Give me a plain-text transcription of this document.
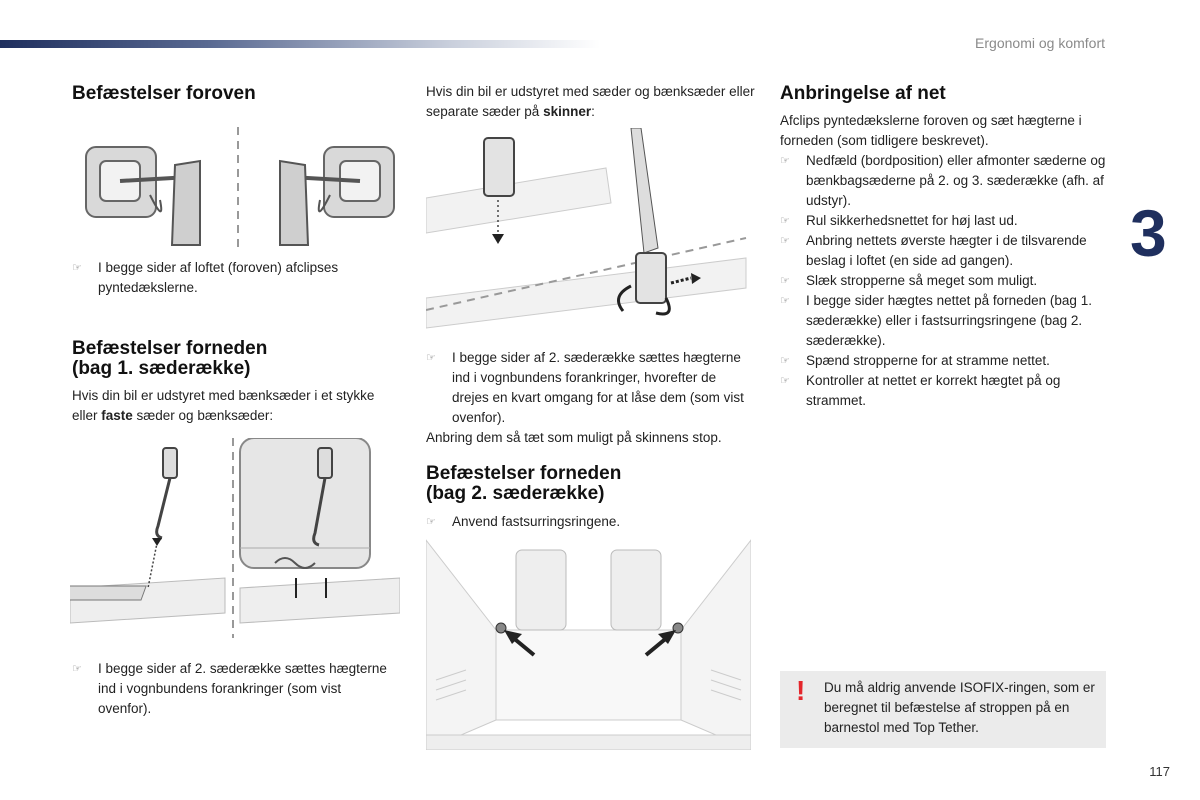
Ergonomi og komfort
3
117
Befæstelser foroven
☞	I begge sider af loftet (foroven) afclipses pyntedækslerne.
Befæstelser forneden
(bag 1. sæderække)

Hvis din bil er udstyret med bænksæder i et stykke eller faste sæder og bænksæder:

☞	I begge sider af 2. sæderække sættes hægterne ind i vognbundens forankringer (som vist ovenfor).

Hvis din bil er udstyret med sæder og bænksæder eller separate sæder på skinner:

☞	I begge sider af 2. sæderække sættes hægterne ind i vognbundens forankringer, hvorefter de drejes en kvart omgang for at låse dem (som vist ovenfor).

Anbring dem så tæt som muligt på skinnens stop.

Befæstelser forneden
(bag 2. sæderække)
☞	Anvend fastsurringsringene.
Anbringelse af net

Afclips pyntedækslerne foroven og sæt hægterne i forneden (som tidligere beskrevet).

☞	Nedfæld (bordposition) eller afmonter sæderne og bænkbagsæderne på 2. og 3. sæderække (afh. af udstyr).
☞	Rul sikkerhedsnettet for høj last ud.
☞	Anbring nettets øverste hægter i de tilsvarende beslag i loftet (en side ad gangen).
☞	Slæk stropperne så meget som muligt.
☞	I begge sider hægtes nettet på forneden (bag 1. sæderække) eller i fastsurringsringene (bag 2. sæderække).
☞	Spænd stropperne for at stramme nettet.
☞	Kontroller at nettet er korrekt hægtet på og strammet.
! Du må aldrig anvende ISOFIX-ringen, som er beregnet til befæstelse af stroppen på en barnestol med Top Tether.
